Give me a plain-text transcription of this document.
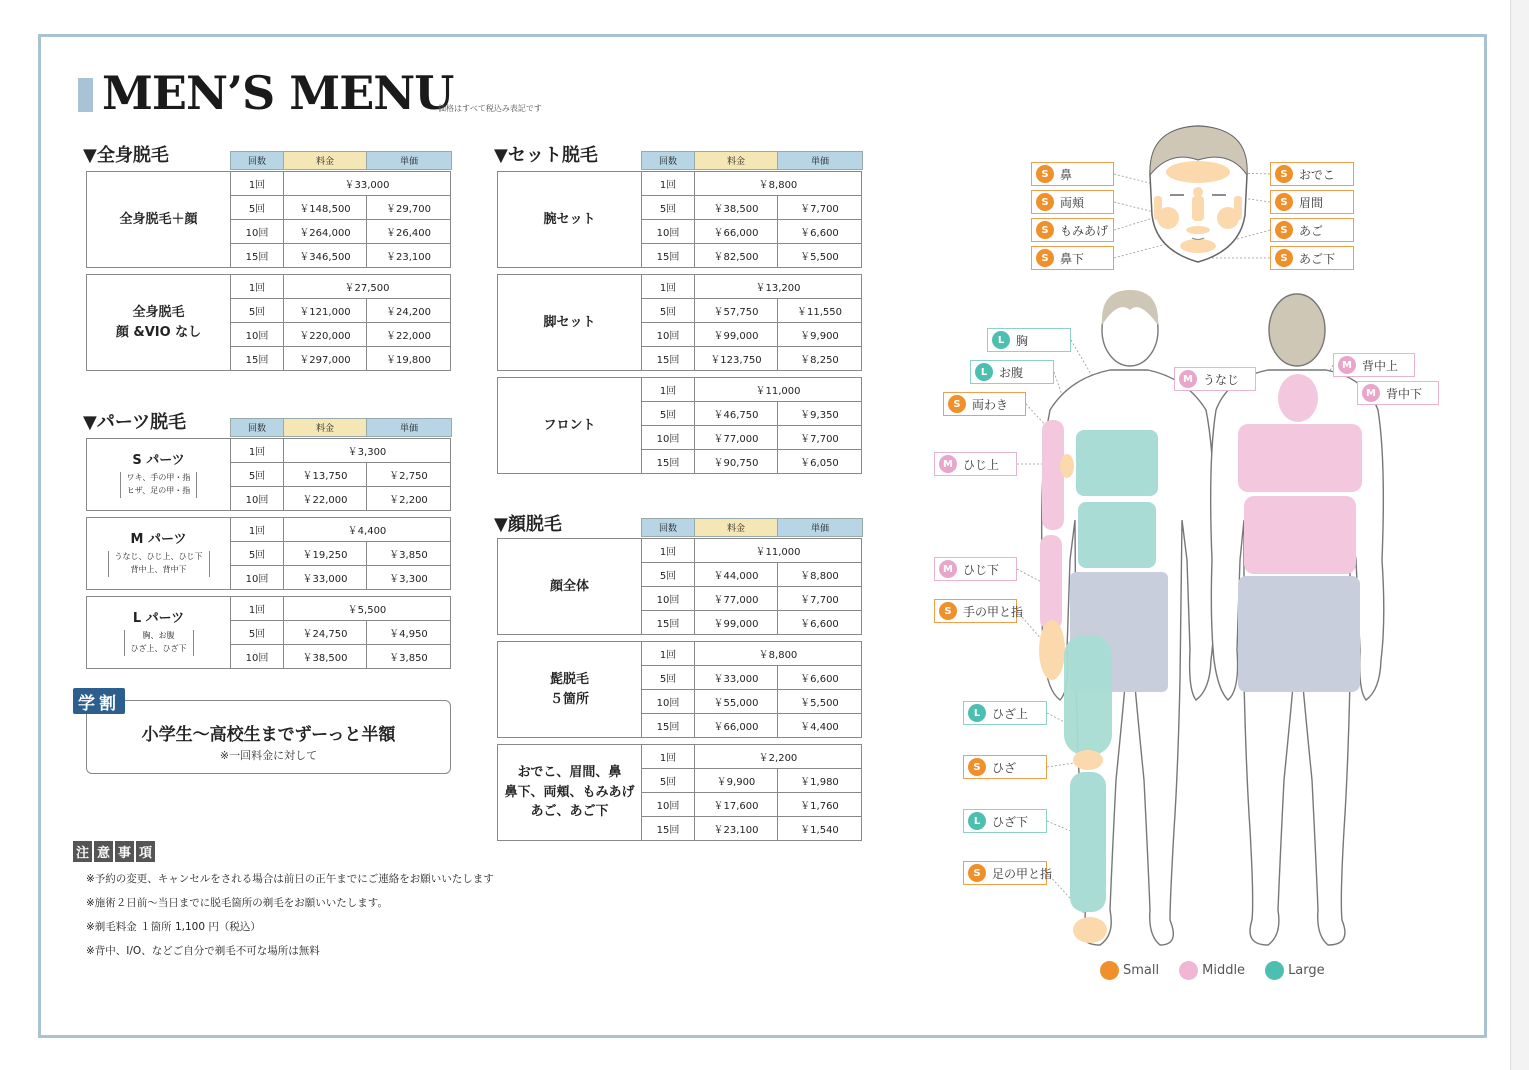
MEN’S MENU
価格はすべて税込み表記です
▼全身脱毛
▼パーツ脱毛
▼セット脱毛
▼顔脱毛
回数	料金	単価
回数	料金	単価
回数	料金	単価
回数	料金	単価
全身脱毛＋顔
1回	￥33,000
5回	￥148,500	￥29,700
10回	￥264,000	￥26,400
15回	￥346,500	￥23,100
全身脱毛
顔 &VIO なし
1回	￥27,500
5回	￥121,000	￥24,200
10回	￥220,000	￥22,000
15回	￥297,000	￥19,800
S パーツ
ワキ、手の甲・指
ヒザ、足の甲・指
1回	￥3,300
5回	￥13,750	￥2,750
10回	￥22,000	￥2,200
M パーツ
うなじ、ひじ上、ひじ下
背中上、背中下
1回	￥4,400
5回	￥19,250	￥3,850
10回	￥33,000	￥3,300
L パーツ
胸、お腹
ひざ上、ひざ下
1回	￥5,500
5回	￥24,750	￥4,950
10回	￥38,500	￥3,850
腕セット
1回	￥8,800
5回	￥38,500	￥7,700
10回	￥66,000	￥6,600
15回	￥82,500	￥5,500
脚セット
1回	￥13,200
5回	￥57,750	￥11,550
10回	￥99,000	￥9,900
15回	￥123,750	￥8,250
フロント
1回	￥11,000
5回	￥46,750	￥9,350
10回	￥77,000	￥7,700
15回	￥90,750	￥6,050
顔全体
1回	￥11,000
5回	￥44,000	￥8,800
10回	￥77,000	￥7,700
15回	￥99,000	￥6,600
髭脱毛
５箇所
1回	￥8,800
5回	￥33,000	￥6,600
10回	￥55,000	￥5,500
15回	￥66,000	￥4,400
おでこ、眉間、鼻
鼻下、両頬、もみあげ
あご、あご下
1回	￥2,200
5回	￥9,900	￥1,980
10回	￥17,600	￥1,760
15回	￥23,100	￥1,540
小学生〜高校生までずーっと半額
※一回料金に対して
学割
注 意 事 項
※予約の変更、キャンセルをされる場合は前日の正午までにご連絡をお願いいたします
※施術２日前〜当日までに脱毛箇所の剃毛をお願いいたします。
※剃毛料金 １箇所 1,100 円（税込）
※背中、I/O、などご自分で剃毛不可な場所は無料
S 鼻
S 両頬
S もみあげ
S 鼻下
S おでこ
S 眉間
S あご
S あご下
L 胸
L お腹
S 両わき
M ひじ上
M ひじ下
S 手の甲と指
L ひざ上
S ひざ
L ひざ下
S 足の甲と指
M うなじ
M 背中上
M 背中下
Small	Middle	Large
